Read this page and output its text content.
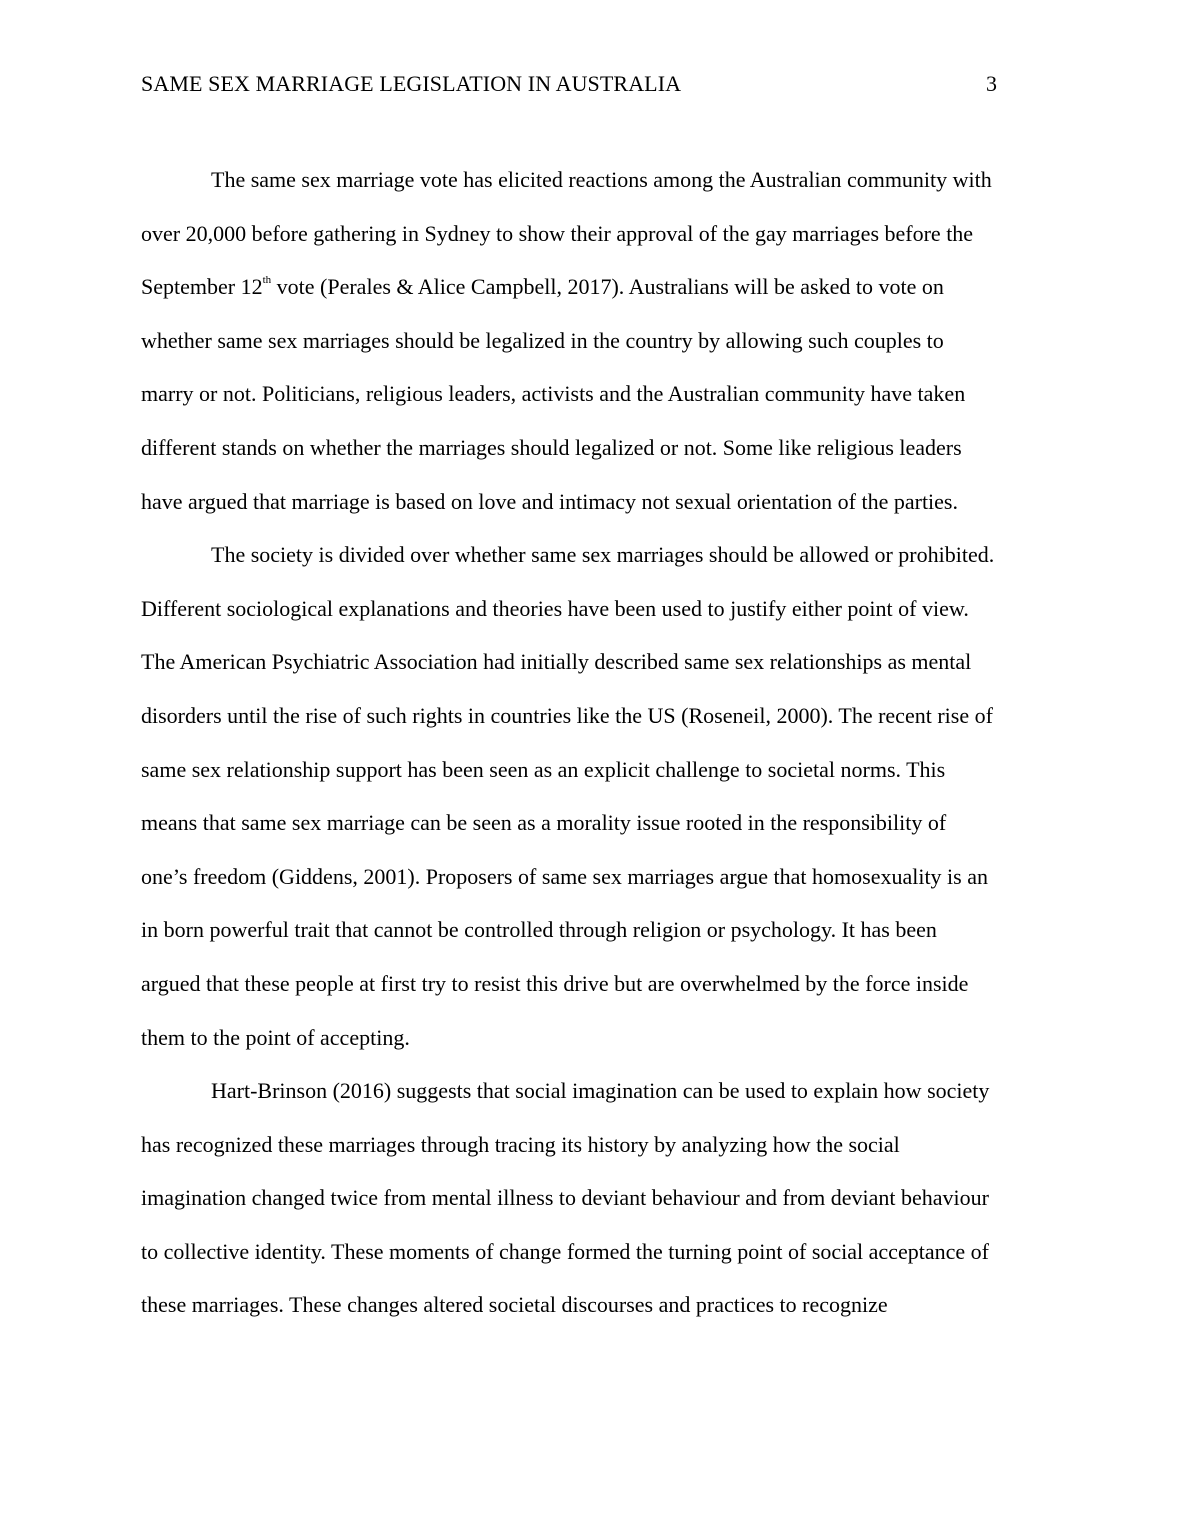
SAME SEX MARRIAGE LEGISLATION IN AUSTRALIA	3
The same sex marriage vote has elicited reactions among the Australian community with
over 20,000 before gathering in Sydney to show their approval of the gay marriages before the
September 12th vote (Perales & Alice Campbell, 2017). Australians will be asked to vote on
whether same sex marriages should be legalized in the country by allowing such couples to
marry or not. Politicians, religious leaders, activists and the Australian community have taken
different stands on whether the marriages should legalized or not. Some like religious leaders
have argued that marriage is based on love and intimacy not sexual orientation of the parties.
The society is divided over whether same sex marriages should be allowed or prohibited.
Different sociological explanations and theories have been used to justify either point of view.
The American Psychiatric Association had initially described same sex relationships as mental
disorders until the rise of such rights in countries like the US (Roseneil, 2000). The recent rise of
same sex relationship support has been seen as an explicit challenge to societal norms. This
means that same sex marriage can be seen as a morality issue rooted in the responsibility of
one’s freedom (Giddens, 2001). Proposers of same sex marriages argue that homosexuality is an
in born powerful trait that cannot be controlled through religion or psychology. It has been
argued that these people at first try to resist this drive but are overwhelmed by the force inside
them to the point of accepting.
Hart-Brinson (2016) suggests that social imagination can be used to explain how society
has recognized these marriages through tracing its history by analyzing how the social
imagination changed twice from mental illness to deviant behaviour and from deviant behaviour
to collective identity. These moments of change formed the turning point of social acceptance of
these marriages. These changes altered societal discourses and practices to recognize
